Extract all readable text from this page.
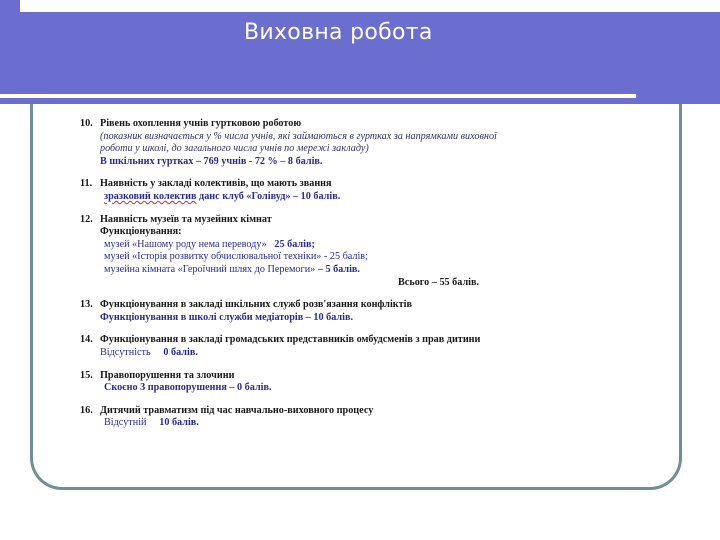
Виховна робота
10. Рівень охоплення учнів гуртковою роботою
(показник визначається у % числа учнів, які займаються в гуртках за напрямками виховної
роботи у школі, до загального числа учнів по мережі закладу)
В шкільних гуртках – 769 учнів - 72 % – 8 балів.
11. Наявність у закладі колективів, що мають звання
зразковий колектив данс клуб «Голівуд» – 10 балів.
12. Наявність музеїв та музейних кімнат
Функціонування:
музей «Нашому роду нема переводу» 25 балів;
музей «Історія розвитку обчислювальної техніки» - 25 балів;
музейна кімната «Героїчний шлях до Перемоги» – 5 балів.
Всього – 55 балів.
13. Функціонування в закладі шкільних служб розв'язання конфліктів
Функціонування в школі служби медіаторів – 10 балів.
14. Функціонування в закладі громадських представників омбудсменів з прав дитини
Відсутність 0 балів.
15. Правопорушення та злочини
Скоєно 3 правопорушення – 0 балів.
16. Дитячий травматизм під час навчально-виховного процесу
Відсутній 10 балів.
